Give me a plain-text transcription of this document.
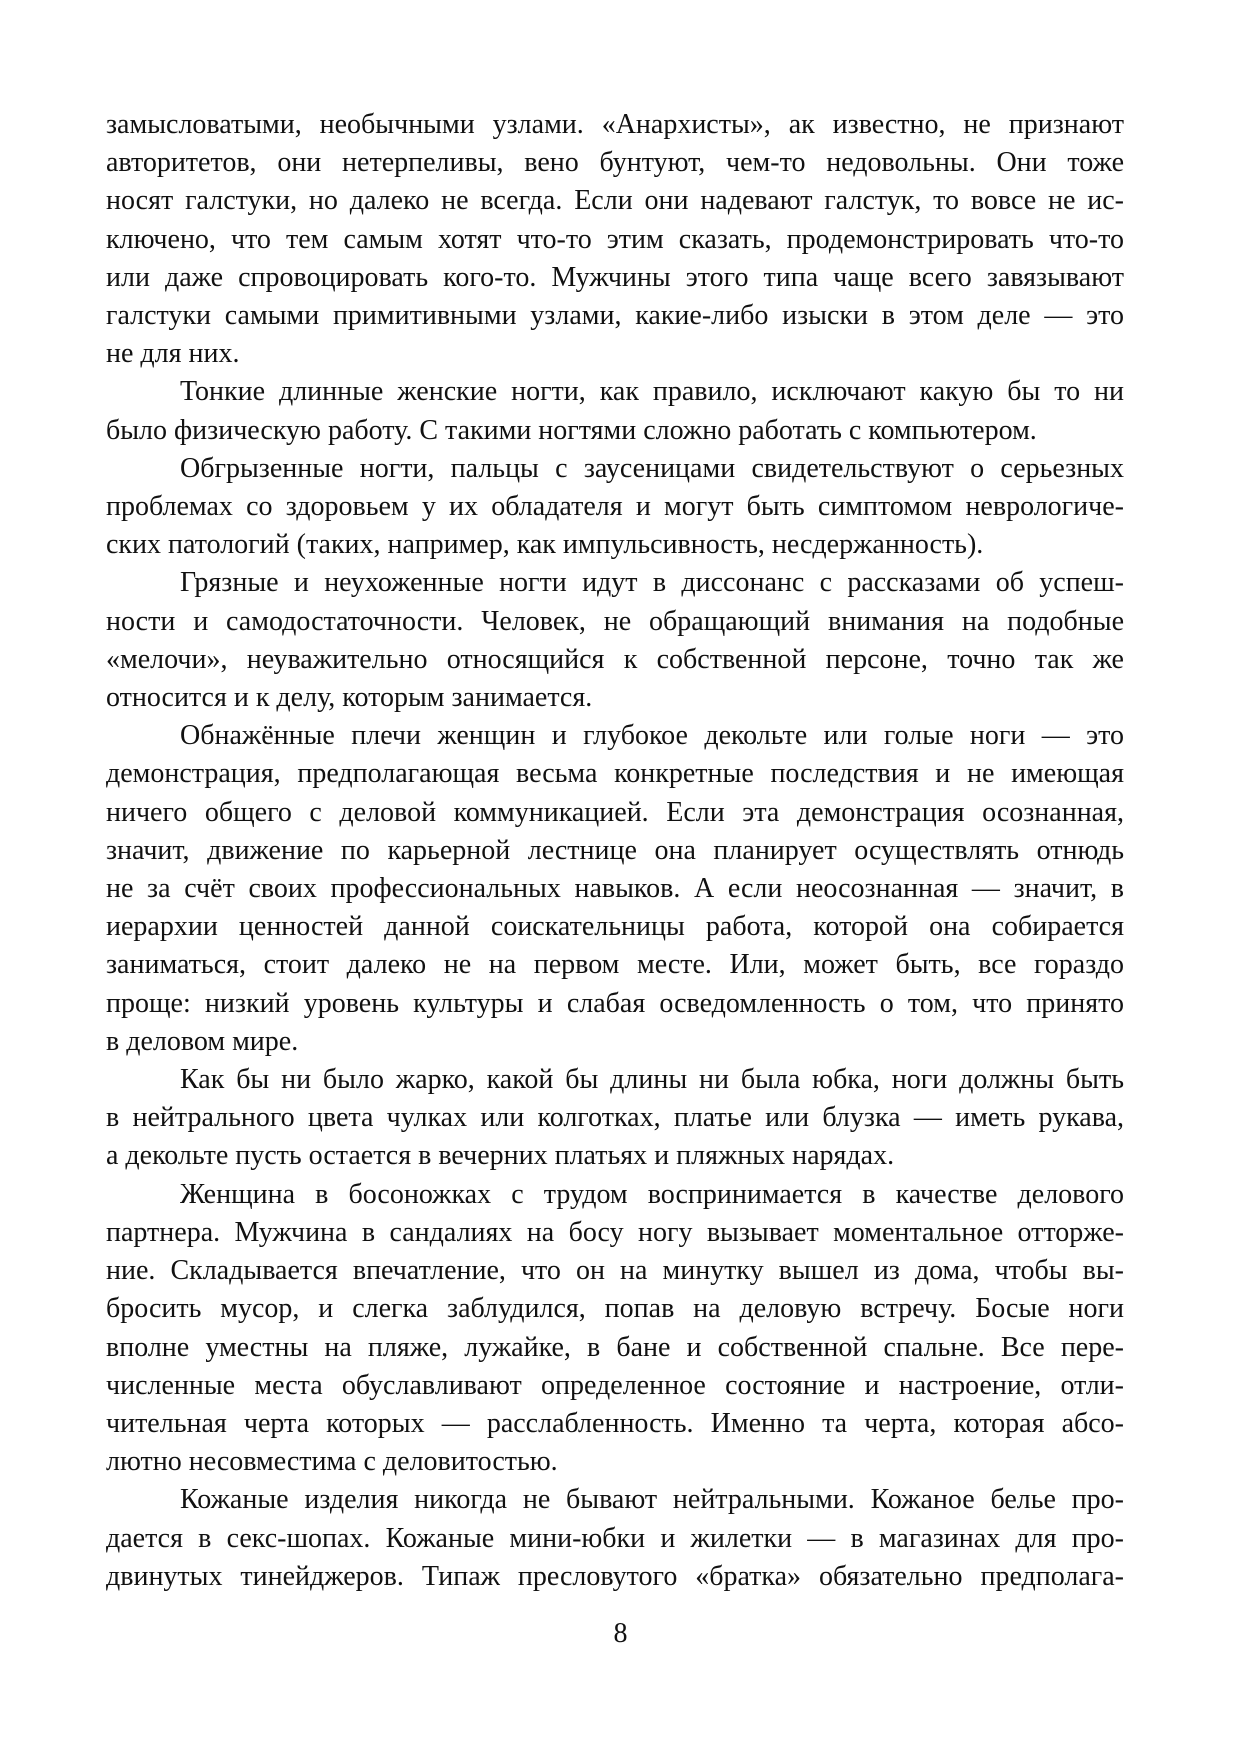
замысловатыми, необычными узлами. «Анархисты», ак известно, не признают
авторитетов, они нетерпеливы, вено бунтуют, чем-то недовольны. Они тоже
носят галстуки, но далеко не всегда. Если они надевают галстук, то вовсе не ис-
ключено, что тем самым хотят что-то этим сказать, продемонстрировать что-то
или даже спровоцировать кого-то. Мужчины этого типа чаще всего завязывают
галстуки самыми примитивными узлами, какие-либо изыски в этом деле — это
не для них.
Тонкие длинные женские ногти, как правило, исключают какую бы то ни
было физическую работу. С такими ногтями сложно работать с компьютером.
Обгрызенные ногти, пальцы с заусеницами свидетельствуют о серьезных
проблемах со здоровьем у их обладателя и могут быть симптомом неврологиче-
ских патологий (таких, например, как импульсивность, несдержанность).
Грязные и неухоженные ногти идут в диссонанс с рассказами об успеш-
ности и самодостаточности. Человек, не обращающий внимания на подобные
«мелочи», неуважительно относящийся к собственной персоне, точно так же
относится и к делу, которым занимается.
Обнажённые плечи женщин и глубокое декольте или голые ноги — это
демонстрация, предполагающая весьма конкретные последствия и не имеющая
ничего общего с деловой коммуникацией. Если эта демонстрация осознанная,
значит, движение по карьерной лестнице она планирует осуществлять отнюдь
не за счёт своих профессиональных навыков. А если неосознанная — значит, в
иерархии ценностей данной соискательницы работа, которой она собирается
заниматься, стоит далеко не на первом месте. Или, может быть, все гораздо
проще: низкий уровень культуры и слабая осведомленность о том, что принято
в деловом мире.
Как бы ни было жарко, какой бы длины ни была юбка, ноги должны быть
в нейтрального цвета чулках или колготках, платье или блузка — иметь рукава,
а декольте пусть остается в вечерних платьях и пляжных нарядах.
Женщина в босоножках с трудом воспринимается в качестве делового
партнера. Мужчина в сандалиях на босу ногу вызывает моментальное отторже-
ние. Складывается впечатление, что он на минутку вышел из дома, чтобы вы-
бросить мусор, и слегка заблудился, попав на деловую встречу. Босые ноги
вполне уместны на пляже, лужайке, в бане и собственной спальне. Все пере-
численные места обуславливают определенное состояние и настроение, отли-
чительная черта которых — расслабленность. Именно та черта, которая абсо-
лютно несовместима с деловитостью.
Кожаные изделия никогда не бывают нейтральными. Кожаное белье про-
дается в секс-шопах. Кожаные мини-юбки и жилетки — в магазинах для про-
двинутых тинейджеров. Типаж пресловутого «братка» обязательно предполага-
8
